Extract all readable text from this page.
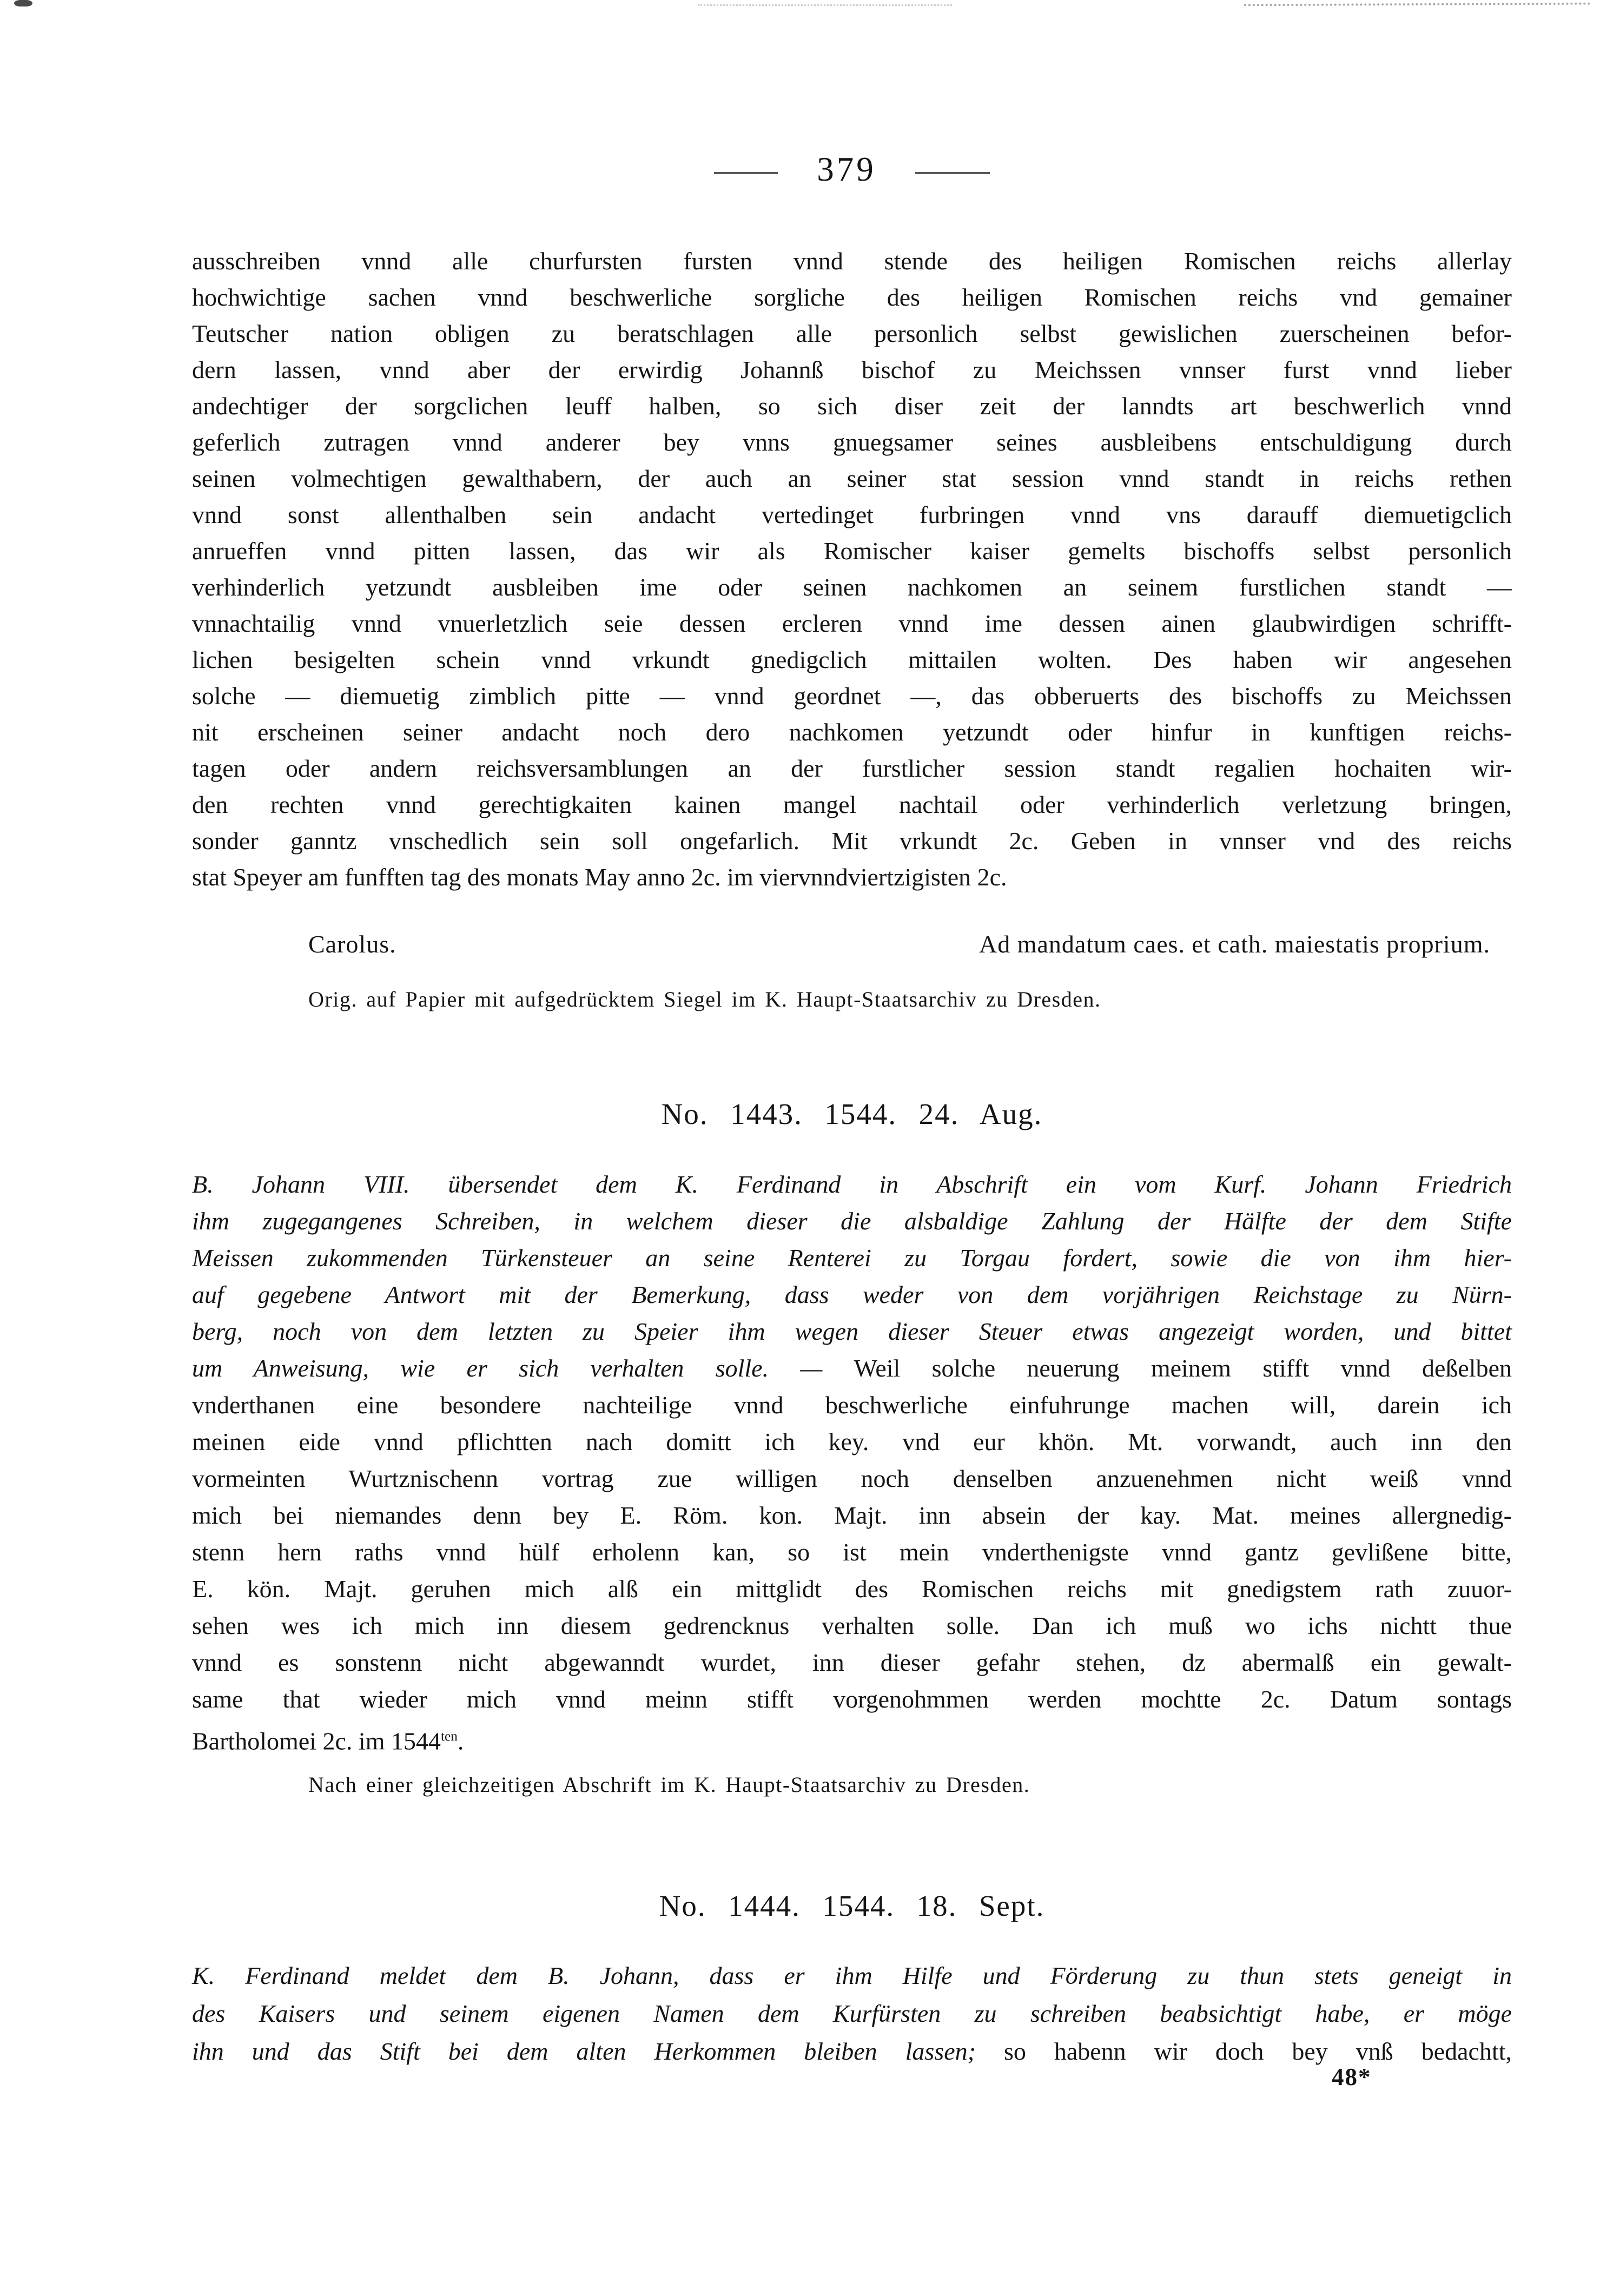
379
ausschreiben vnnd alle churfursten fursten vnnd stende des heiligen Romischen reichs allerlay
hochwichtige sachen vnnd beschwerliche sorgliche des heiligen Romischen reichs vnd gemainer
Teutscher nation obligen zu beratschlagen alle personlich selbst gewislichen zuerscheinen befor-
dern lassen, vnnd aber der erwirdig Johannß bischof zu Meichssen vnnser furst vnnd lieber
andechtiger der sorgclichen leuff halben, so sich diser zeit der lanndts art beschwerlich vnnd
geferlich zutragen vnnd anderer bey vnns gnuegsamer seines ausbleibens entschuldigung durch
seinen volmechtigen gewalthabern, der auch an seiner stat session vnnd standt in reichs rethen
vnnd sonst allenthalben sein andacht vertedinget furbringen vnnd vns darauff diemuetigclich
anrueffen vnnd pitten lassen, das wir als Romischer kaiser gemelts bischoffs selbst personlich
verhinderlich yetzundt ausbleiben ime oder seinen nachkomen an seinem furstlichen standt —
vnnachtailig vnnd vnuerletzlich seie dessen ercleren vnnd ime dessen ainen glaubwirdigen schrifft-
lichen besigelten schein vnnd vrkundt gnedigclich mittailen wolten. Des haben wir angesehen
solche — diemuetig zimblich pitte — vnnd geordnet —, das obberuerts des bischoffs zu Meichssen
nit erscheinen seiner andacht noch dero nachkomen yetzundt oder hinfur in kunftigen reichs-
tagen oder andern reichsversamblungen an der furstlicher session standt regalien hochaiten wir-
den rechten vnnd gerechtigkaiten kainen mangel nachtail oder verhinderlich verletzung bringen,
sonder ganntz vnschedlich sein soll ongefarlich. Mit vrkundt 2c. Geben in vnnser vnd des reichs
stat Speyer am funfften tag des monats May anno 2c. im viervnndviertzigisten 2c.
Carolus.	Ad mandatum caes. et cath. maiestatis proprium.
Orig. auf Papier mit aufgedrücktem Siegel im K. Haupt-Staatsarchiv zu Dresden.
No. 1443. 1544. 24. Aug.
B. Johann VIII. übersendet dem K. Ferdinand in Abschrift ein vom Kurf. Johann Friedrich
ihm zugegangenes Schreiben, in welchem dieser die alsbaldige Zahlung der Hälfte der dem Stifte
Meissen zukommenden Türkensteuer an seine Renterei zu Torgau fordert, sowie die von ihm hier-
auf gegebene Antwort mit der Bemerkung, dass weder von dem vorjährigen Reichstage zu Nürn-
berg, noch von dem letzten zu Speier ihm wegen dieser Steuer etwas angezeigt worden, und bittet
um Anweisung, wie er sich verhalten solle. — Weil solche neuerung meinem stifft vnnd deßelben
vnderthanen eine besondere nachteilige vnnd beschwerliche einfuhrunge machen will, darein ich
meinen eide vnnd pflichtten nach domitt ich key. vnd eur khön. Mt. vorwandt, auch inn den
vormeinten Wurtznischenn vortrag zue willigen noch denselben anzuenehmen nicht weiß vnnd
mich bei niemandes denn bey E. Röm. kon. Majt. inn absein der kay. Mat. meines allergnedig-
stenn hern raths vnnd hülf erholenn kan, so ist mein vnderthenigste vnnd gantz gevlißene bitte,
E. kön. Majt. geruhen mich alß ein mittglidt des Romischen reichs mit gnedigstem rath zuuor-
sehen wes ich mich inn diesem gedrencknus verhalten solle. Dan ich muß wo ichs nichtt thue
vnnd es sonstenn nicht abgewanndt wurdet, inn dieser gefahr stehen, dz abermalß ein gewalt-
same that wieder mich vnnd meinn stifft vorgenohmmen werden mochtte 2c. Datum sontags
Bartholomei 2c. im $1544^{ten}$.
Nach einer gleichzeitigen Abschrift im K. Haupt-Staatsarchiv zu Dresden.
No. 1444. 1544. 18. Sept.
K. Ferdinand meldet dem B. Johann, dass er ihm Hilfe und Förderung zu thun stets geneigt in
des Kaisers und seinem eigenen Namen dem Kurfürsten zu schreiben beabsichtigt habe, er möge
ihn und das Stift bei dem alten Herkommen bleiben lassen; so habenn wir doch bey vnß bedachtt,
48*
